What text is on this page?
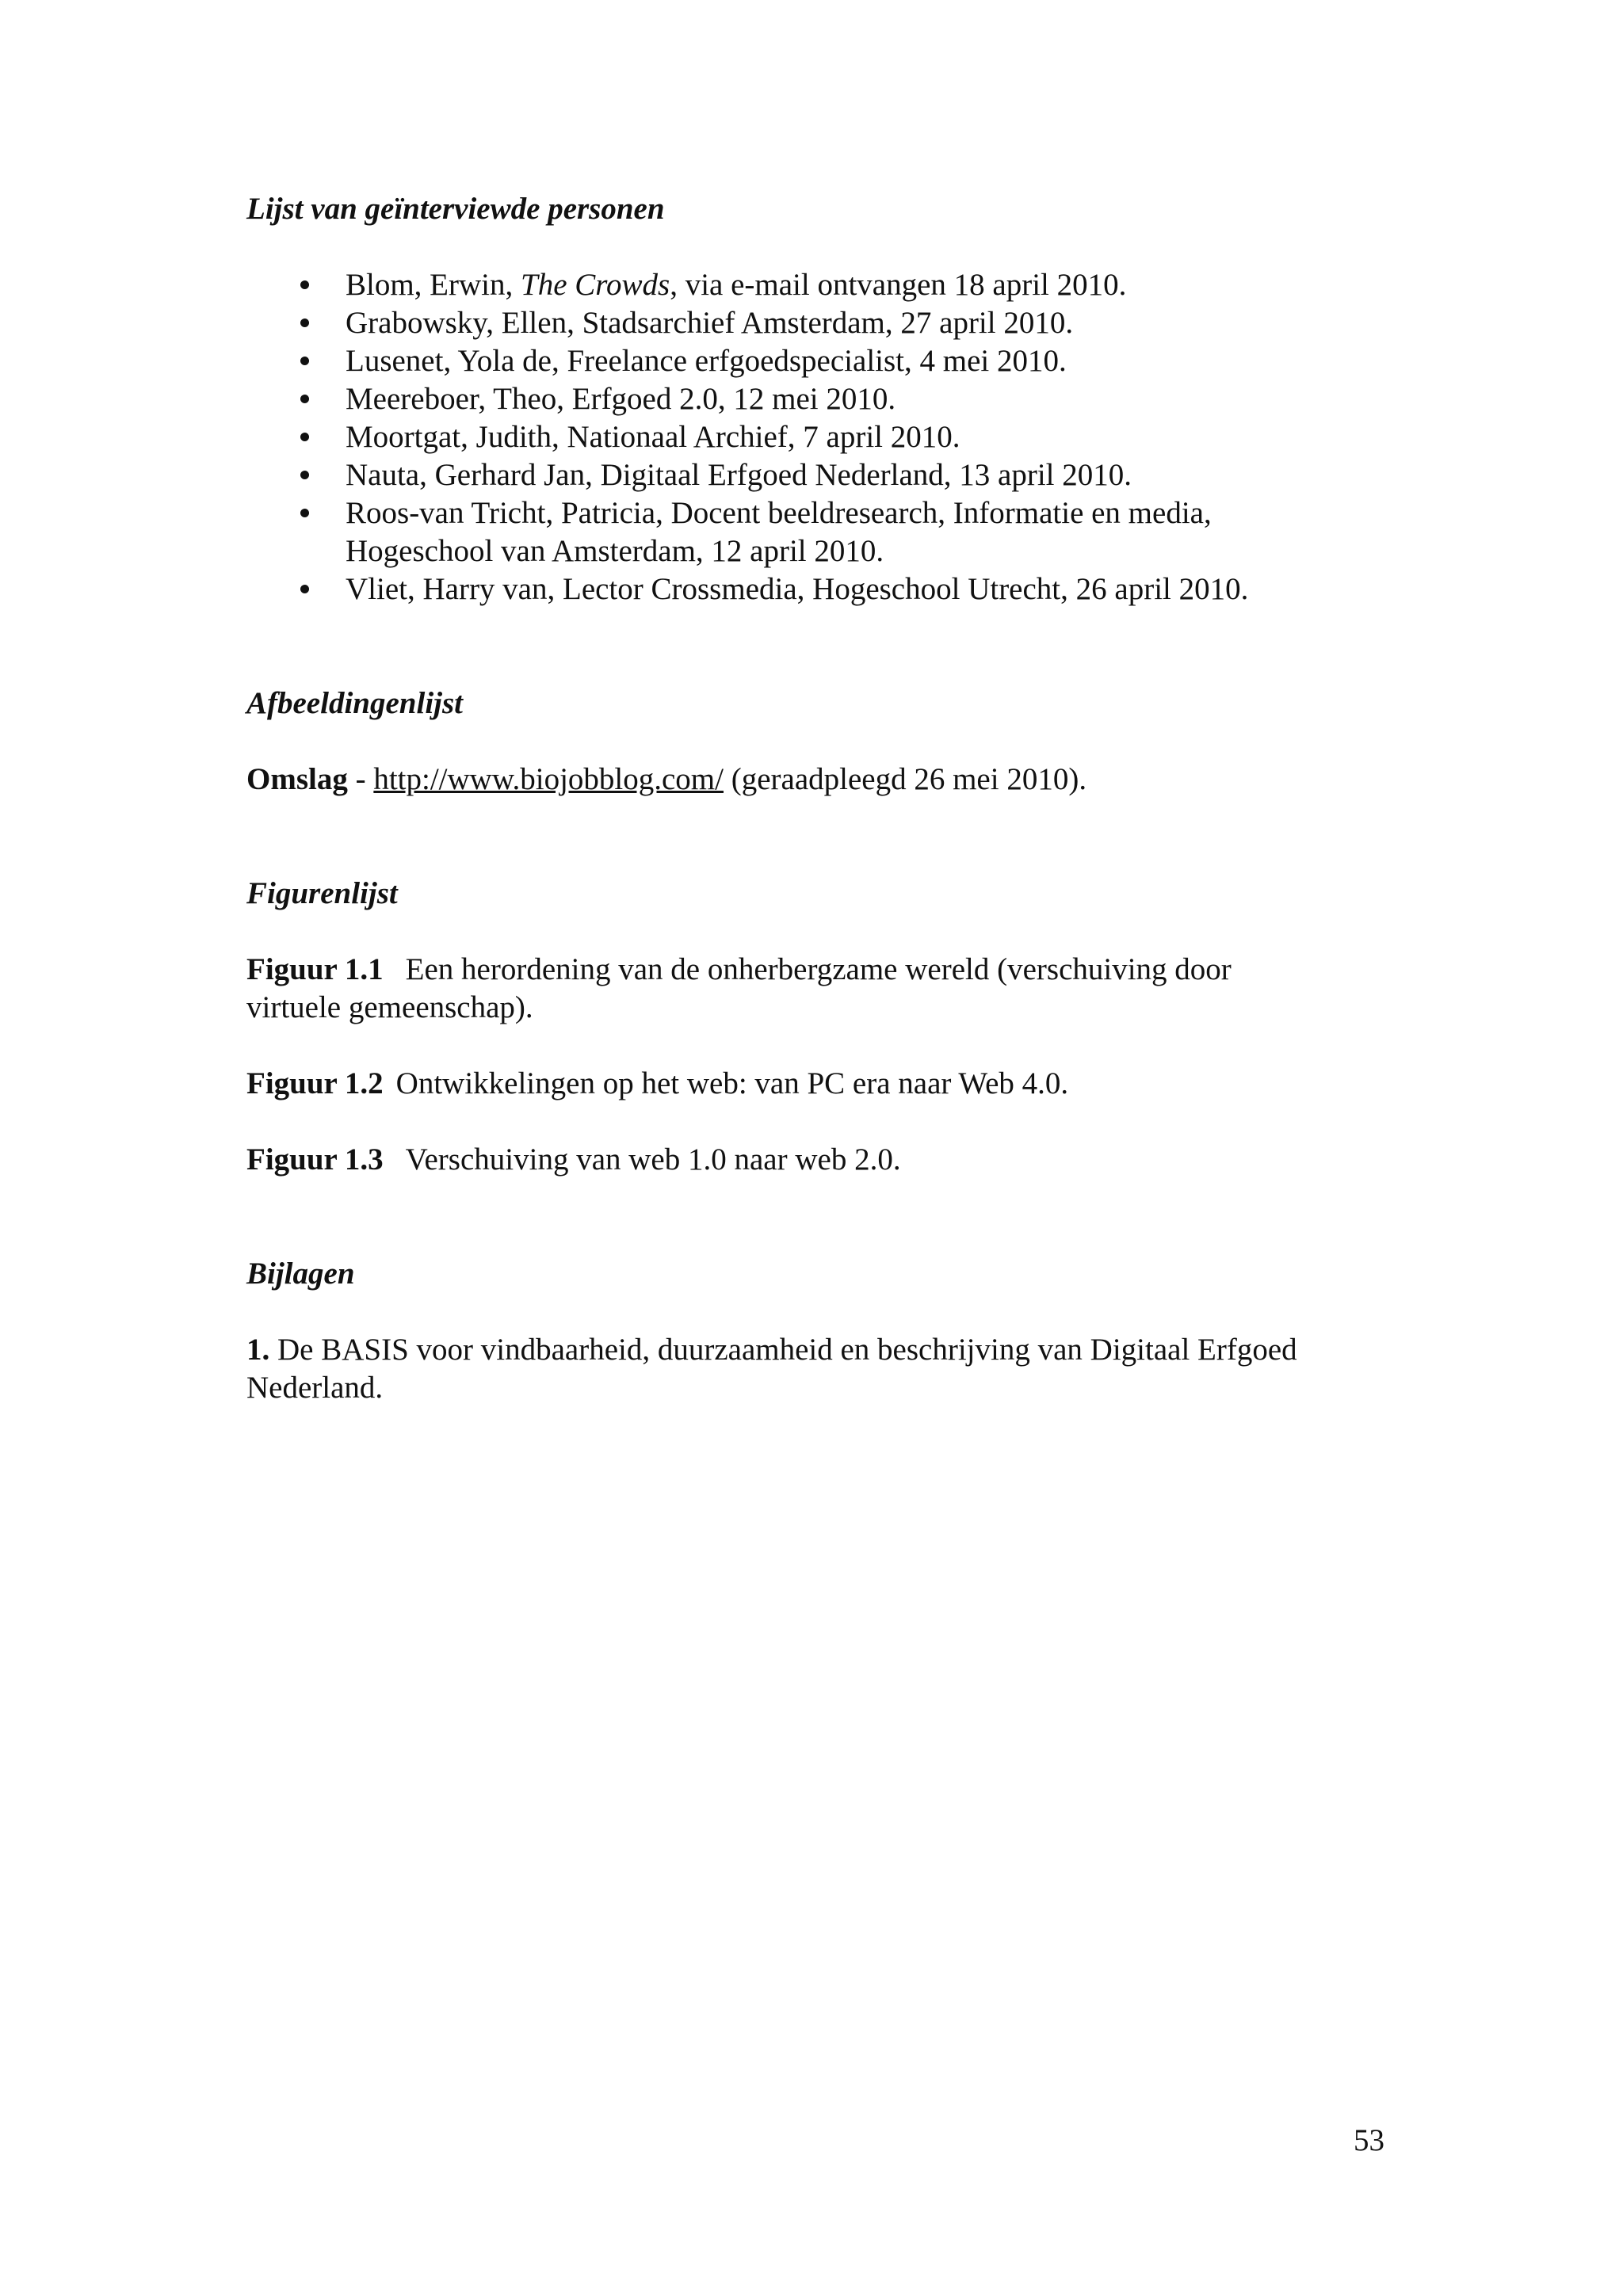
Lijst van geïnterviewde personen
Blom, Erwin, The Crowds, via e-mail ontvangen 18 april 2010.
Grabowsky, Ellen, Stadsarchief Amsterdam, 27 april 2010.
Lusenet, Yola de, Freelance erfgoedspecialist, 4 mei 2010.
Meereboer, Theo, Erfgoed 2.0, 12 mei 2010.
Moortgat, Judith, Nationaal Archief, 7 april 2010.
Nauta, Gerhard Jan, Digitaal Erfgoed Nederland, 13 april 2010.
Roos-van Tricht, Patricia, Docent beeldresearch, Informatie en media,
Hogeschool van Amsterdam, 12 april 2010.
Vliet, Harry van, Lector Crossmedia, Hogeschool Utrecht, 26 april 2010.
Afbeeldingenlijst

Omslag - http://www.biojobblog.com/ (geraadpleegd 26 mei 2010).

Figurenlijst

Figuur 1.1 Een herordening van de onherbergzame wereld (verschuiving door
virtuele gemeenschap).

Figuur 1.2 Ontwikkelingen op het web: van PC era naar Web 4.0.

Figuur 1.3 Verschuiving van web 1.0 naar web 2.0.

Bijlagen

1. De BASIS voor vindbaarheid, duurzaamheid en beschrijving van Digitaal Erfgoed
Nederland.

53
